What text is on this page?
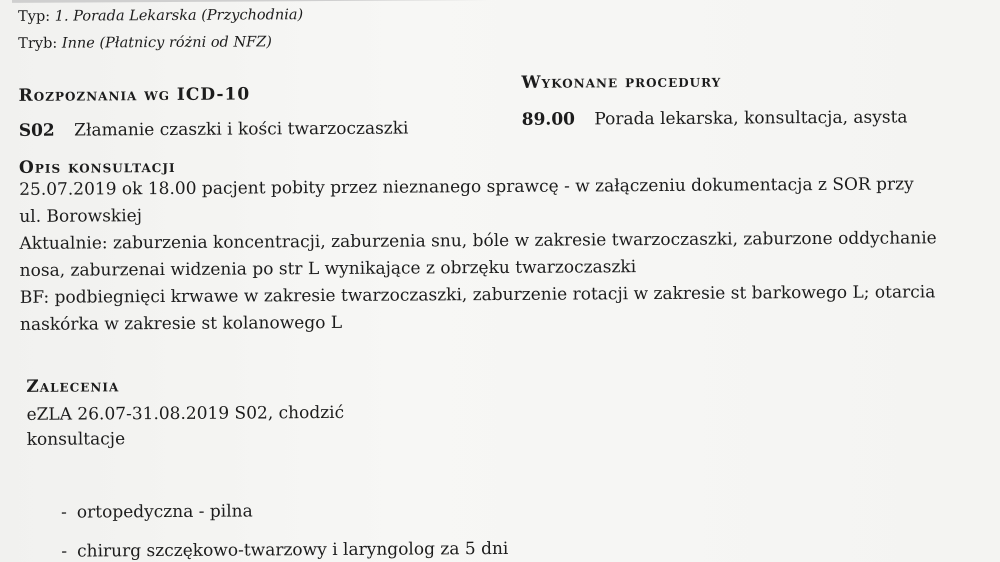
Typ: 1. Porada Lekarska (Przychodnia)
Tryb: Inne (Płatnicy różni od NFZ)
Rozpoznania wg ICD-10
Wykonane procedury
S02 Złamanie czaszki i kości twarzoczaszki	89.00 Porada lekarska, konsultacja, asysta
Opis konsultacji

25.07.2019 ok 18.00 pacjent pobity przez nieznanego sprawcę - w załączeniu dokumentacja z SOR przy

ul. Borowskiej

Aktualnie: zaburzenia koncentracji, zaburzenia snu, bóle w zakresie twarzoczaszki, zaburzone oddychanie

nosa, zaburzenai widzenia po str L wynikające z obrzęku twarzoczaszki

BF: podbiegnięci krwawe w zakresie twarzoczaszki, zaburzenie rotacji w zakresie st barkowego L; otarcia

naskórka w zakresie st kolanowego L

Zalecenia

eZLA 26.07-31.08.2019 S02, chodzić

konsultacje

- ortopedyczna - pilna
- chirurg szczękowo-twarzowy i laryngolog za 5 dni
